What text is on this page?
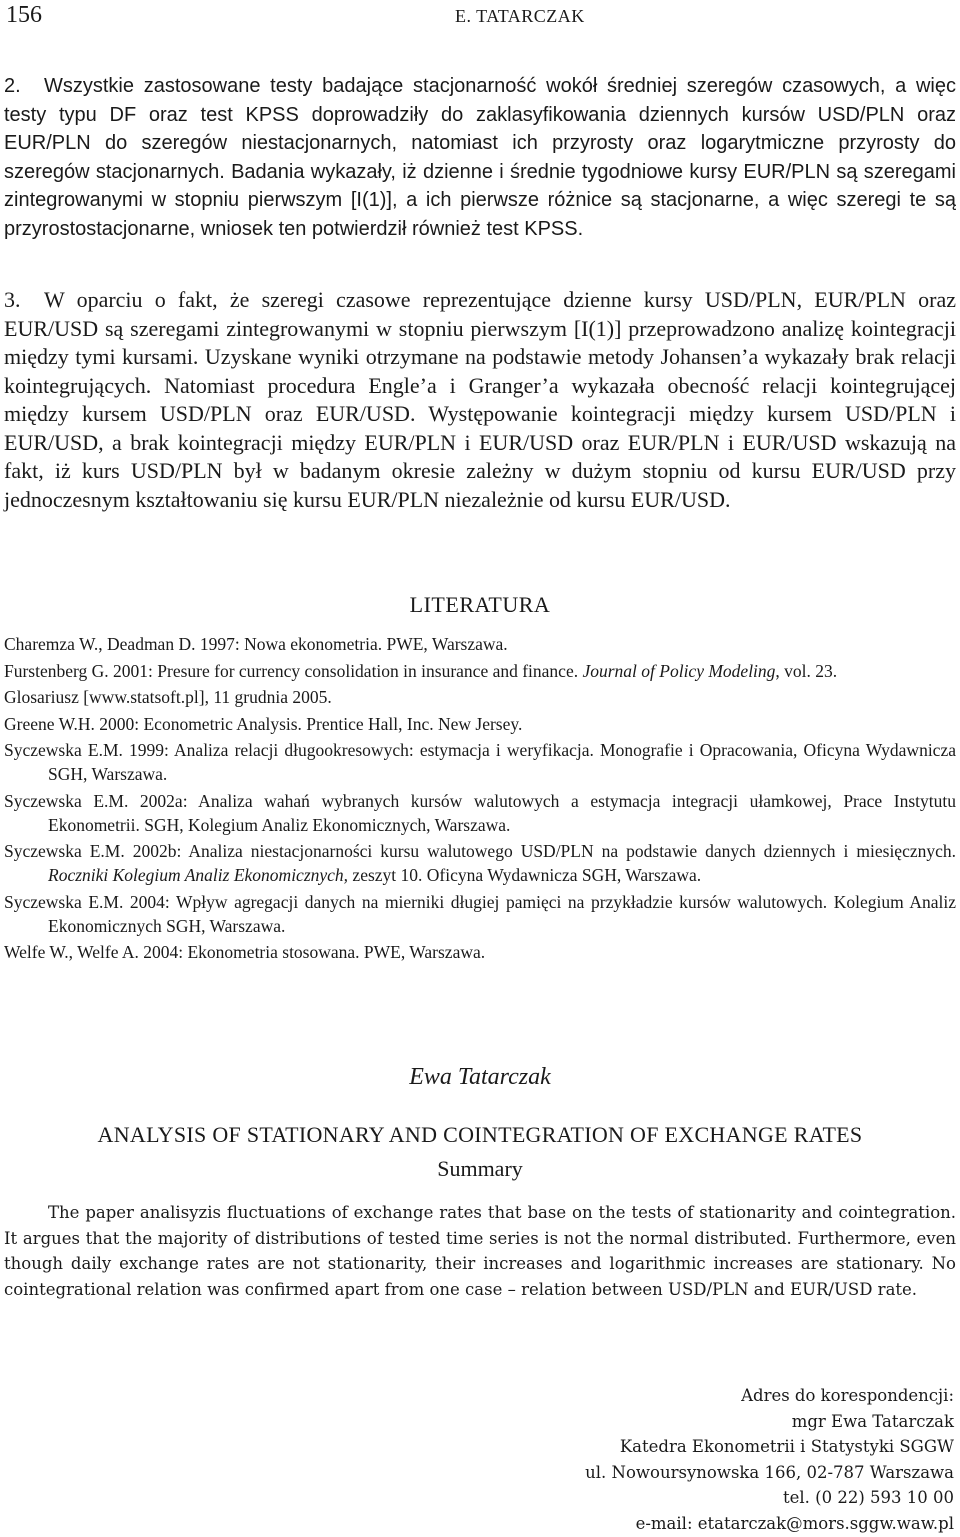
156	E. TATARCZAK

2. Wszystkie zastosowane testy badające stacjonarność wokół średniej szeregów czasowych, a więc testy typu DF oraz test KPSS doprowadziły do zaklasyfikowania dziennych kursów USD/PLN oraz EUR/PLN do szeregów niestacjonarnych, natomiast ich przyrosty oraz logarytmiczne przyrosty do szeregów stacjonarnych. Badania wykazały, iż dzienne i średnie tygodniowe kursy EUR/PLN są szeregami zintegrowanymi w stopniu pierwszym [I(1)], a ich pierwsze różnice są stacjonarne, a więc szeregi te są przyrostostacjonarne, wniosek ten potwierdził również test KPSS.

3. W oparciu o fakt, że szeregi czasowe reprezentujące dzienne kursy USD/PLN, EUR/PLN oraz EUR/USD są szeregami zintegrowanymi w stopniu pierwszym [I(1)] przeprowadzono analizę kointegracji między tymi kursami. Uzyskane wyniki otrzymane na podstawie metody Johansen’a wykazały brak relacji kointegrujących. Natomiast procedura Engle’a i Granger’a wykazała obecność relacji kointegrującej między kursem USD/PLN oraz EUR/USD. Występowanie kointegracji między kursem USD/PLN i EUR/USD, a brak kointegracji między EUR/PLN i EUR/USD oraz EUR/PLN i EUR/USD wskazują na fakt, iż kurs USD/PLN był w badanym okresie zależny w dużym stopniu od kursu EUR/USD przy jednoczesnym kształtowaniu się kursu EUR/PLN niezależnie od kursu EUR/USD.

LITERATURA
Charemza W., Deadman D. 1997: Nowa ekonometria. PWE, Warszawa.
Furstenberg G. 2001: Presure for currency consolidation in insurance and finance. Journal of Policy Modeling, vol. 23.
Glosariusz [www.statsoft.pl], 11 grudnia 2005.
Greene W.H. 2000: Econometric Analysis. Prentice Hall, Inc. New Jersey.
Syczewska E.M. 1999: Analiza relacji długookresowych: estymacja i weryfikacja. Monografie i Opracowania, Oficyna Wydawnicza SGH, Warszawa.
Syczewska E.M. 2002a: Analiza wahań wybranych kursów walutowych a estymacja integracji ułamkowej, Prace Instytutu Ekonometrii. SGH, Kolegium Analiz Ekonomicznych, Warszawa.
Syczewska E.M. 2002b: Analiza niestacjonarności kursu walutowego USD/PLN na podstawie danych dziennych i miesięcznych. Roczniki Kolegium Analiz Ekonomicznych, zeszyt 10. Oficyna Wydawnicza SGH, Warszawa.
Syczewska E.M. 2004: Wpływ agregacji danych na mierniki długiej pamięci na przykładzie kursów walutowych. Kolegium Analiz Ekonomicznych SGH, Warszawa.
Welfe W., Welfe A. 2004: Ekonometria stosowana. PWE, Warszawa.

Ewa Tatarczak

ANALYSIS OF STATIONARY AND COINTEGRATION OF EXCHANGE RATES

Summary

The paper analisyzis fluctuations of exchange rates that base on the tests of stationarity and cointegration. It argues that the majority of distributions of tested time series is not the normal distributed. Furthermore, even though daily exchange rates are not stationarity, their increases and logarithmic increases are stationary. No cointegrational relation was confirmed apart from one case – relation between USD/PLN and EUR/USD rate.

Adres do korespondencji:
mgr Ewa Tatarczak
Katedra Ekonometrii i Statystyki SGGW
ul. Nowoursynowska 166, 02-787 Warszawa
tel. (0 22) 593 10 00
e-mail: etatarczak@mors.sggw.waw.pl
